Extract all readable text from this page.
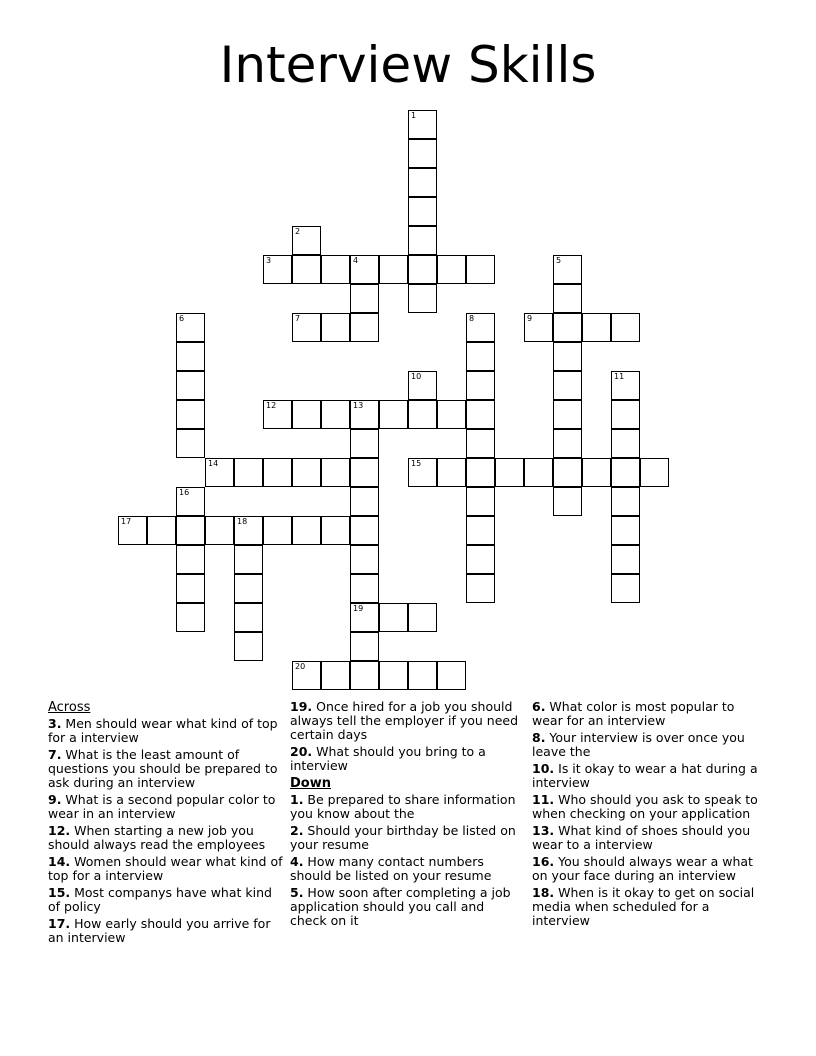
Interview Skills
1
2
3	4	5
6	7	8	9
10	11
12	13
19
14	15
16
17	18
20
Across
3. Men should wear what kind of top for a interview
7. What is the least amount of questions you should be prepared to ask during an interview
9. What is a second popular color to wear in an interview
12. When starting a new job you should always read the employees
14. Women should wear what kind of top for a interview
15. Most companys have what kind of policy
17. How early should you arrive for an interview
19. Once hired for a job you should always tell the employer if you need certain days
20. What should you bring to a interview
Down
1. Be prepared to share information you know about the
2. Should your birthday be listed on your resume
4. How many contact numbers should be listed on your resume
5. How soon after completing a job application should you call and check on it
6. What color is most popular to wear for an interview
8. Your interview is over once you leave the
10. Is it okay to wear a hat during a interview
11. Who should you ask to speak to when checking on your application
13. What kind of shoes should you wear to a interview
16. You should always wear a what on your face during an interview
18. When is it okay to get on social media when scheduled for a interview
